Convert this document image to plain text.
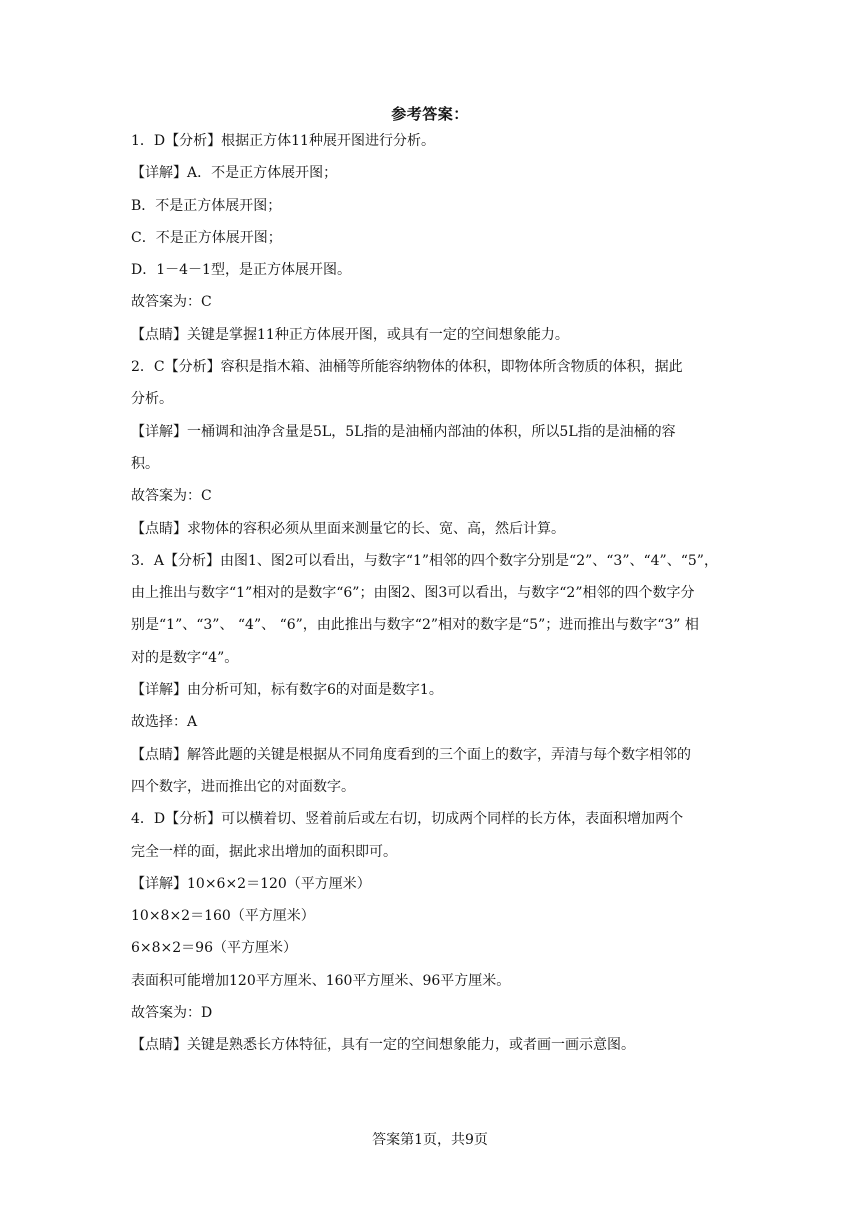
参考答案：
1．D【分析】根据正方体11种展开图进行分析。
【详解】A．不是正方体展开图；
B．不是正方体展开图；
C．不是正方体展开图；
D．1－4－1型，是正方体展开图。
故答案为：C
【点睛】关键是掌握11种正方体展开图，或具有一定的空间想象能力。
2．C【分析】容积是指木箱、油桶等所能容纳物体的体积，即物体所含物质的体积，据此
分析。
【详解】一桶调和油净含量是5L，5L指的是油桶内部油的体积，所以5L指的是油桶的容
积。
故答案为：C
【点睛】求物体的容积必须从里面来测量它的长、宽、高，然后计算。
3．A【分析】由图1、图2可以看出，与数字“1”相邻的四个数字分别是“2”、“3”、“4”、“5”，
由上推出与数字“1”相对的是数字“6”；由图2、图3可以看出，与数字“2”相邻的四个数字分
别是“1”、“3”、 “4”、 “6”，由此推出与数字“2”相对的数字是“5”；进而推出与数字“3” 相
对的是数字“4”。
【详解】由分析可知，标有数字6的对面是数字1。
故选择：A
【点睛】解答此题的关键是根据从不同角度看到的三个面上的数字，弄清与每个数字相邻的
四个数字，进而推出它的对面数字。
4．D【分析】可以横着切、竖着前后或左右切，切成两个同样的长方体，表面积增加两个
完全一样的面，据此求出增加的面积即可。
【详解】10×6×2＝120（平方厘米）
10×8×2＝160（平方厘米）
6×8×2＝96（平方厘米）
表面积可能增加120平方厘米、160平方厘米、96平方厘米。
故答案为：D
【点睛】关键是熟悉长方体特征，具有一定的空间想象能力，或者画一画示意图。
答案第1页，共9页
